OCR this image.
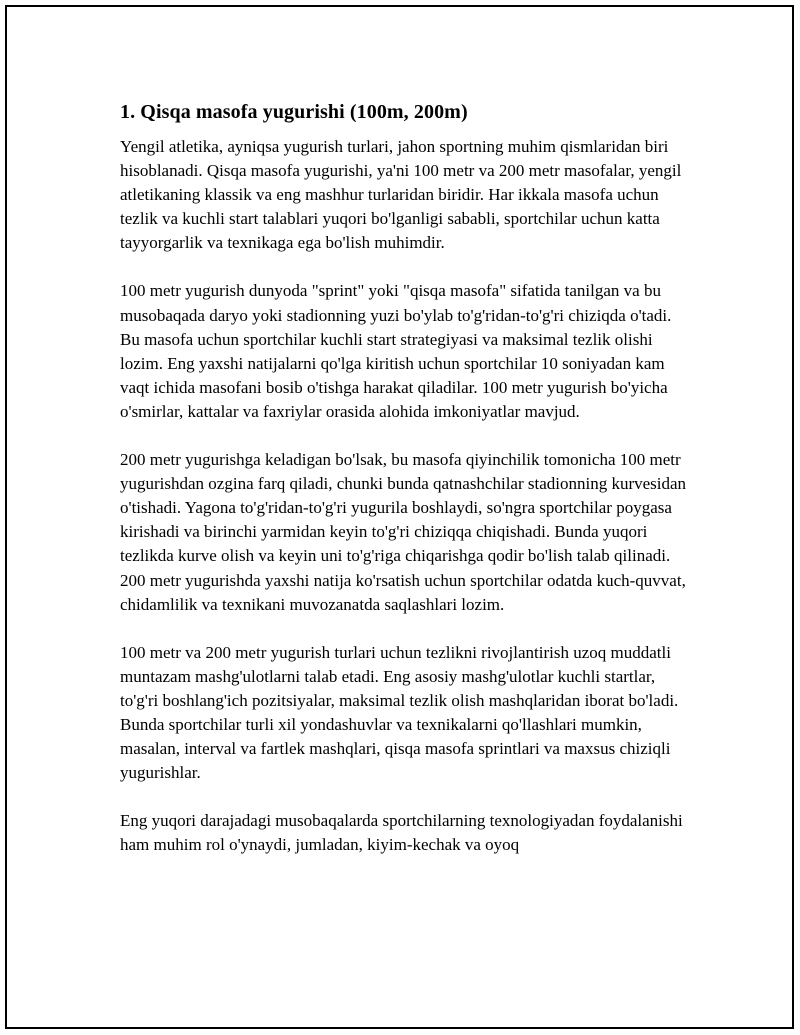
1. Qisqa masofa yugurishi (100m, 200m)

Yengil atletika, ayniqsa yugurish turlari, jahon sportning muhim qismlaridan biri hisoblanadi. Qisqa masofa yugurishi, ya'ni 100 metr va 200 metr masofalar, yengil atletikaning klassik va eng mashhur turlaridan biridir. Har ikkala masofa uchun tezlik va kuchli start talablari yuqori bo'lganligi sababli, sportchilar uchun katta tayyorgarlik va texnikaga ega bo'lish muhimdir.

100 metr yugurish dunyoda "sprint" yoki "qisqa masofa" sifatida tanilgan va bu musobaqada daryo yoki stadionning yuzi bo'ylab to'g'ridan-to'g'ri chiziqda o'tadi. Bu masofa uchun sportchilar kuchli start strategiyasi va maksimal tezlik olishi lozim. Eng yaxshi natijalarni qo'lga kiritish uchun sportchilar 10 soniyadan kam vaqt ichida masofani bosib o'tishga harakat qiladilar. 100 metr yugurish bo'yicha o'smirlar, kattalar va faxriylar orasida alohida imkoniyatlar mavjud.

200 metr yugurishga keladigan bo'lsak, bu masofa qiyinchilik tomonicha 100 metr yugurishdan ozgina farq qiladi, chunki bunda qatnashchilar stadionning kurvesidan o'tishadi. Yagona to'g'ridan-to'g'ri yugurila boshlaydi, so'ngra sportchilar poygasa kirishadi va birinchi yarmidan keyin to'g'ri chiziqqa chiqishadi. Bunda yuqori tezlikda kurve olish va keyin uni to'g'riga chiqarishga qodir bo'lish talab qilinadi. 200 metr yugurishda yaxshi natija ko'rsatish uchun sportchilar odatda kuch-quvvat, chidamlilik va texnikani muvozanatda saqlashlari lozim.

100 metr va 200 metr yugurish turlari uchun tezlikni rivojlantirish uzoq muddatli muntazam mashg'ulotlarni talab etadi. Eng asosiy mashg'ulotlar kuchli startlar, to'g'ri boshlang'ich pozitsiyalar, maksimal tezlik olish mashqlaridan iborat bo'ladi. Bunda sportchilar turli xil yondashuvlar va texnikalarni qo'llashlari mumkin, masalan, interval va fartlek mashqlari, qisqa masofa sprintlari va maxsus chiziqli yugurishlar.

Eng yuqori darajadagi musobaqalarda sportchilarning texnologiyadan foydalanishi ham muhim rol o'ynaydi, jumladan, kiyim-kechak va oyoq
